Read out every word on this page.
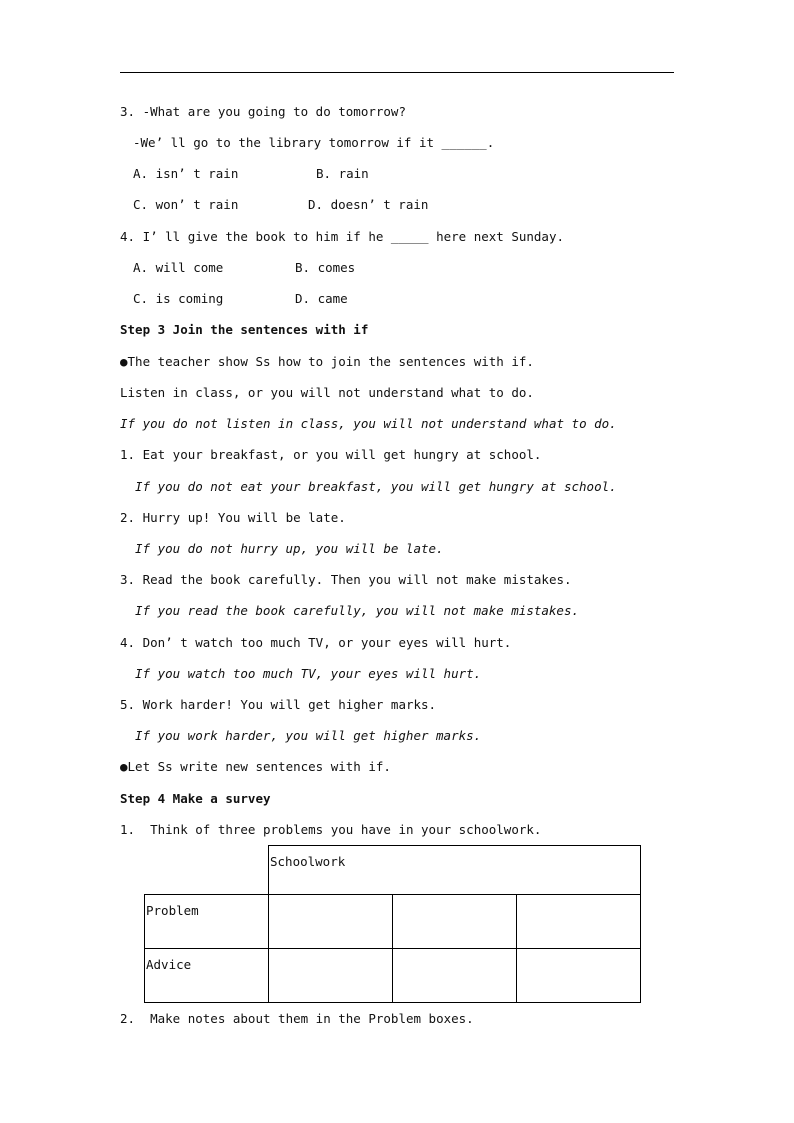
3. -What are you going to do tomorrow?
-We’ ll go to the library tomorrow if it ______.
A. isn’ t rain	B. rain
C. won’ t rain	D. doesn’ t rain
4. I’ ll give the book to him if he _____ here next Sunday.
A. will come	B. comes
C. is coming	D. came
Step 3 Join the sentences with if
●The teacher show Ss how to join the sentences with if.
Listen in class, or you will not understand what to do.
If you do not listen in class, you will not understand what to do.
1. Eat your breakfast, or you will get hungry at school.
If you do not eat your breakfast, you will get hungry at school.
2. Hurry up! You will be late.
If you do not hurry up, you will be late.
3. Read the book carefully. Then you will not make mistakes.
If you read the book carefully, you will not make mistakes.
4. Don’ t watch too much TV, or your eyes will hurt.
If you watch too much TV, your eyes will hurt.
5. Work harder! You will get higher marks.
If you work harder, you will get higher marks.
●Let Ss write new sentences with if.
Step 4 Make a survey
1.  Think of three problems you have in your schoolwork.
	Schoolwork		
Problem			
Advice			
2.  Make notes about them in the Problem boxes.
